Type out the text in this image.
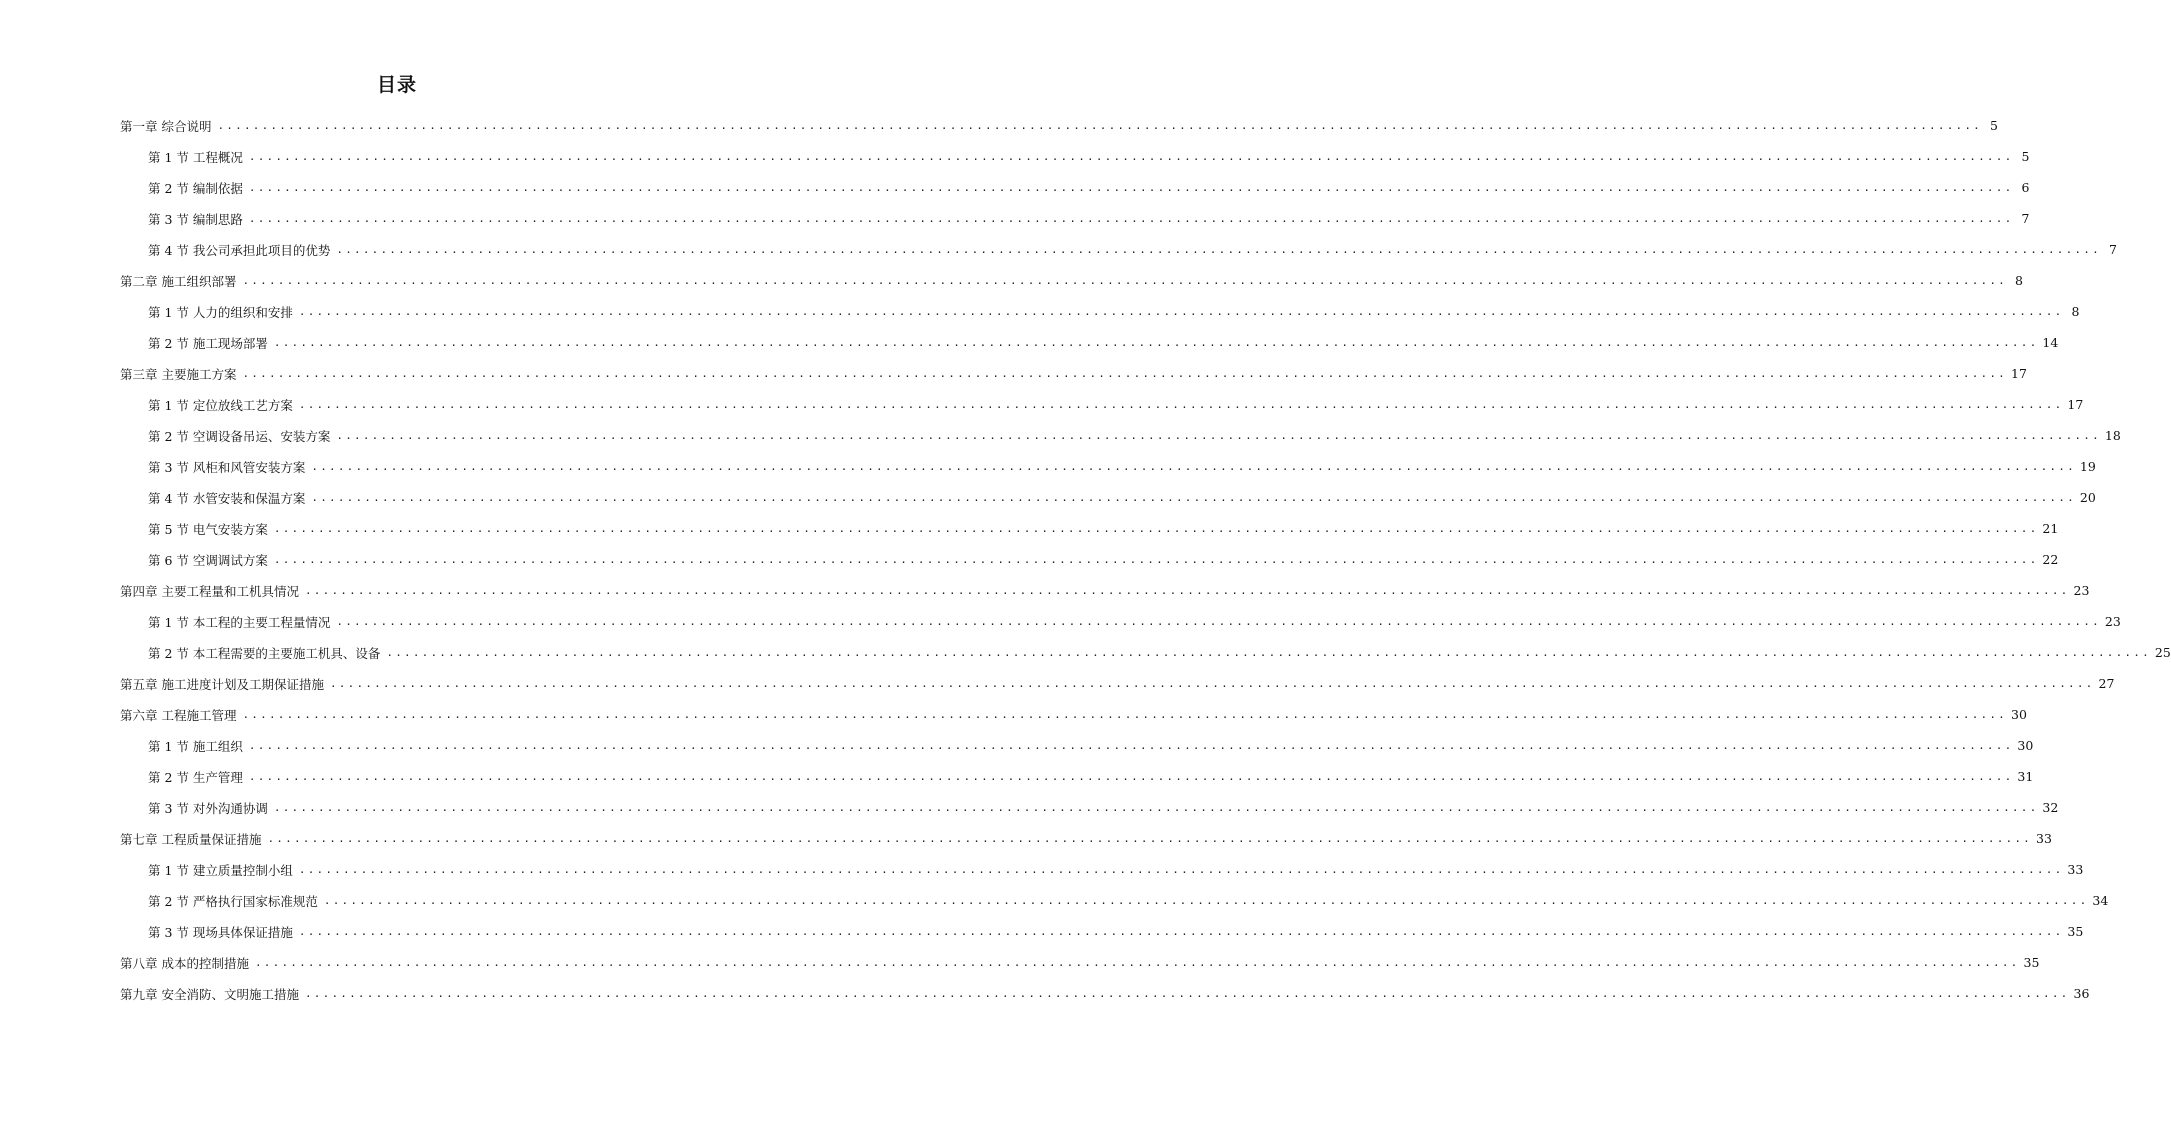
目录
第一章 综合说明 ........................................................................................................................................................................................................ 5
第 1 节 工程概况 ........................................................................................................................................................................................................ 5
第 2 节 编制依据 ........................................................................................................................................................................................................ 6
第 3 节 编制思路 ........................................................................................................................................................................................................ 7
第 4 节 我公司承担此项目的优势 ........................................................................................................................................................................................................ 7
第二章 施工组织部署 ........................................................................................................................................................................................................ 8
第 1 节 人力的组织和安排 ........................................................................................................................................................................................................ 8
第 2 节 施工现场部署 ........................................................................................................................................................................................................ 14
第三章 主要施工方案 ........................................................................................................................................................................................................ 17
第 1 节 定位放线工艺方案 ........................................................................................................................................................................................................ 17
第 2 节 空调设备吊运、安装方案 ........................................................................................................................................................................................................ 18
第 3 节 风柜和风管安装方案 ........................................................................................................................................................................................................ 19
第 4 节 水管安装和保温方案 ........................................................................................................................................................................................................ 20
第 5 节 电气安装方案 ........................................................................................................................................................................................................ 21
第 6 节 空调调试方案 ........................................................................................................................................................................................................ 22
第四章 主要工程量和工机具情况 ........................................................................................................................................................................................................ 23
第 1 节 本工程的主要工程量情况 ........................................................................................................................................................................................................ 23
第 2 节 本工程需要的主要施工机具、设备 ........................................................................................................................................................................................................ 25
第五章 施工进度计划及工期保证措施 ........................................................................................................................................................................................................ 27
第六章 工程施工管理 ........................................................................................................................................................................................................ 30
第 1 节 施工组织 ........................................................................................................................................................................................................ 30
第 2 节 生产管理 ........................................................................................................................................................................................................ 31
第 3 节 对外沟通协调 ........................................................................................................................................................................................................ 32
第七章 工程质量保证措施 ........................................................................................................................................................................................................ 33
第 1 节 建立质量控制小组 ........................................................................................................................................................................................................ 33
第 2 节 严格执行国家标准规范 ........................................................................................................................................................................................................ 34
第 3 节 现场具体保证措施 ........................................................................................................................................................................................................ 35
第八章 成本的控制措施 ........................................................................................................................................................................................................ 35
第九章 安全消防、文明施工措施 ........................................................................................................................................................................................................ 36
